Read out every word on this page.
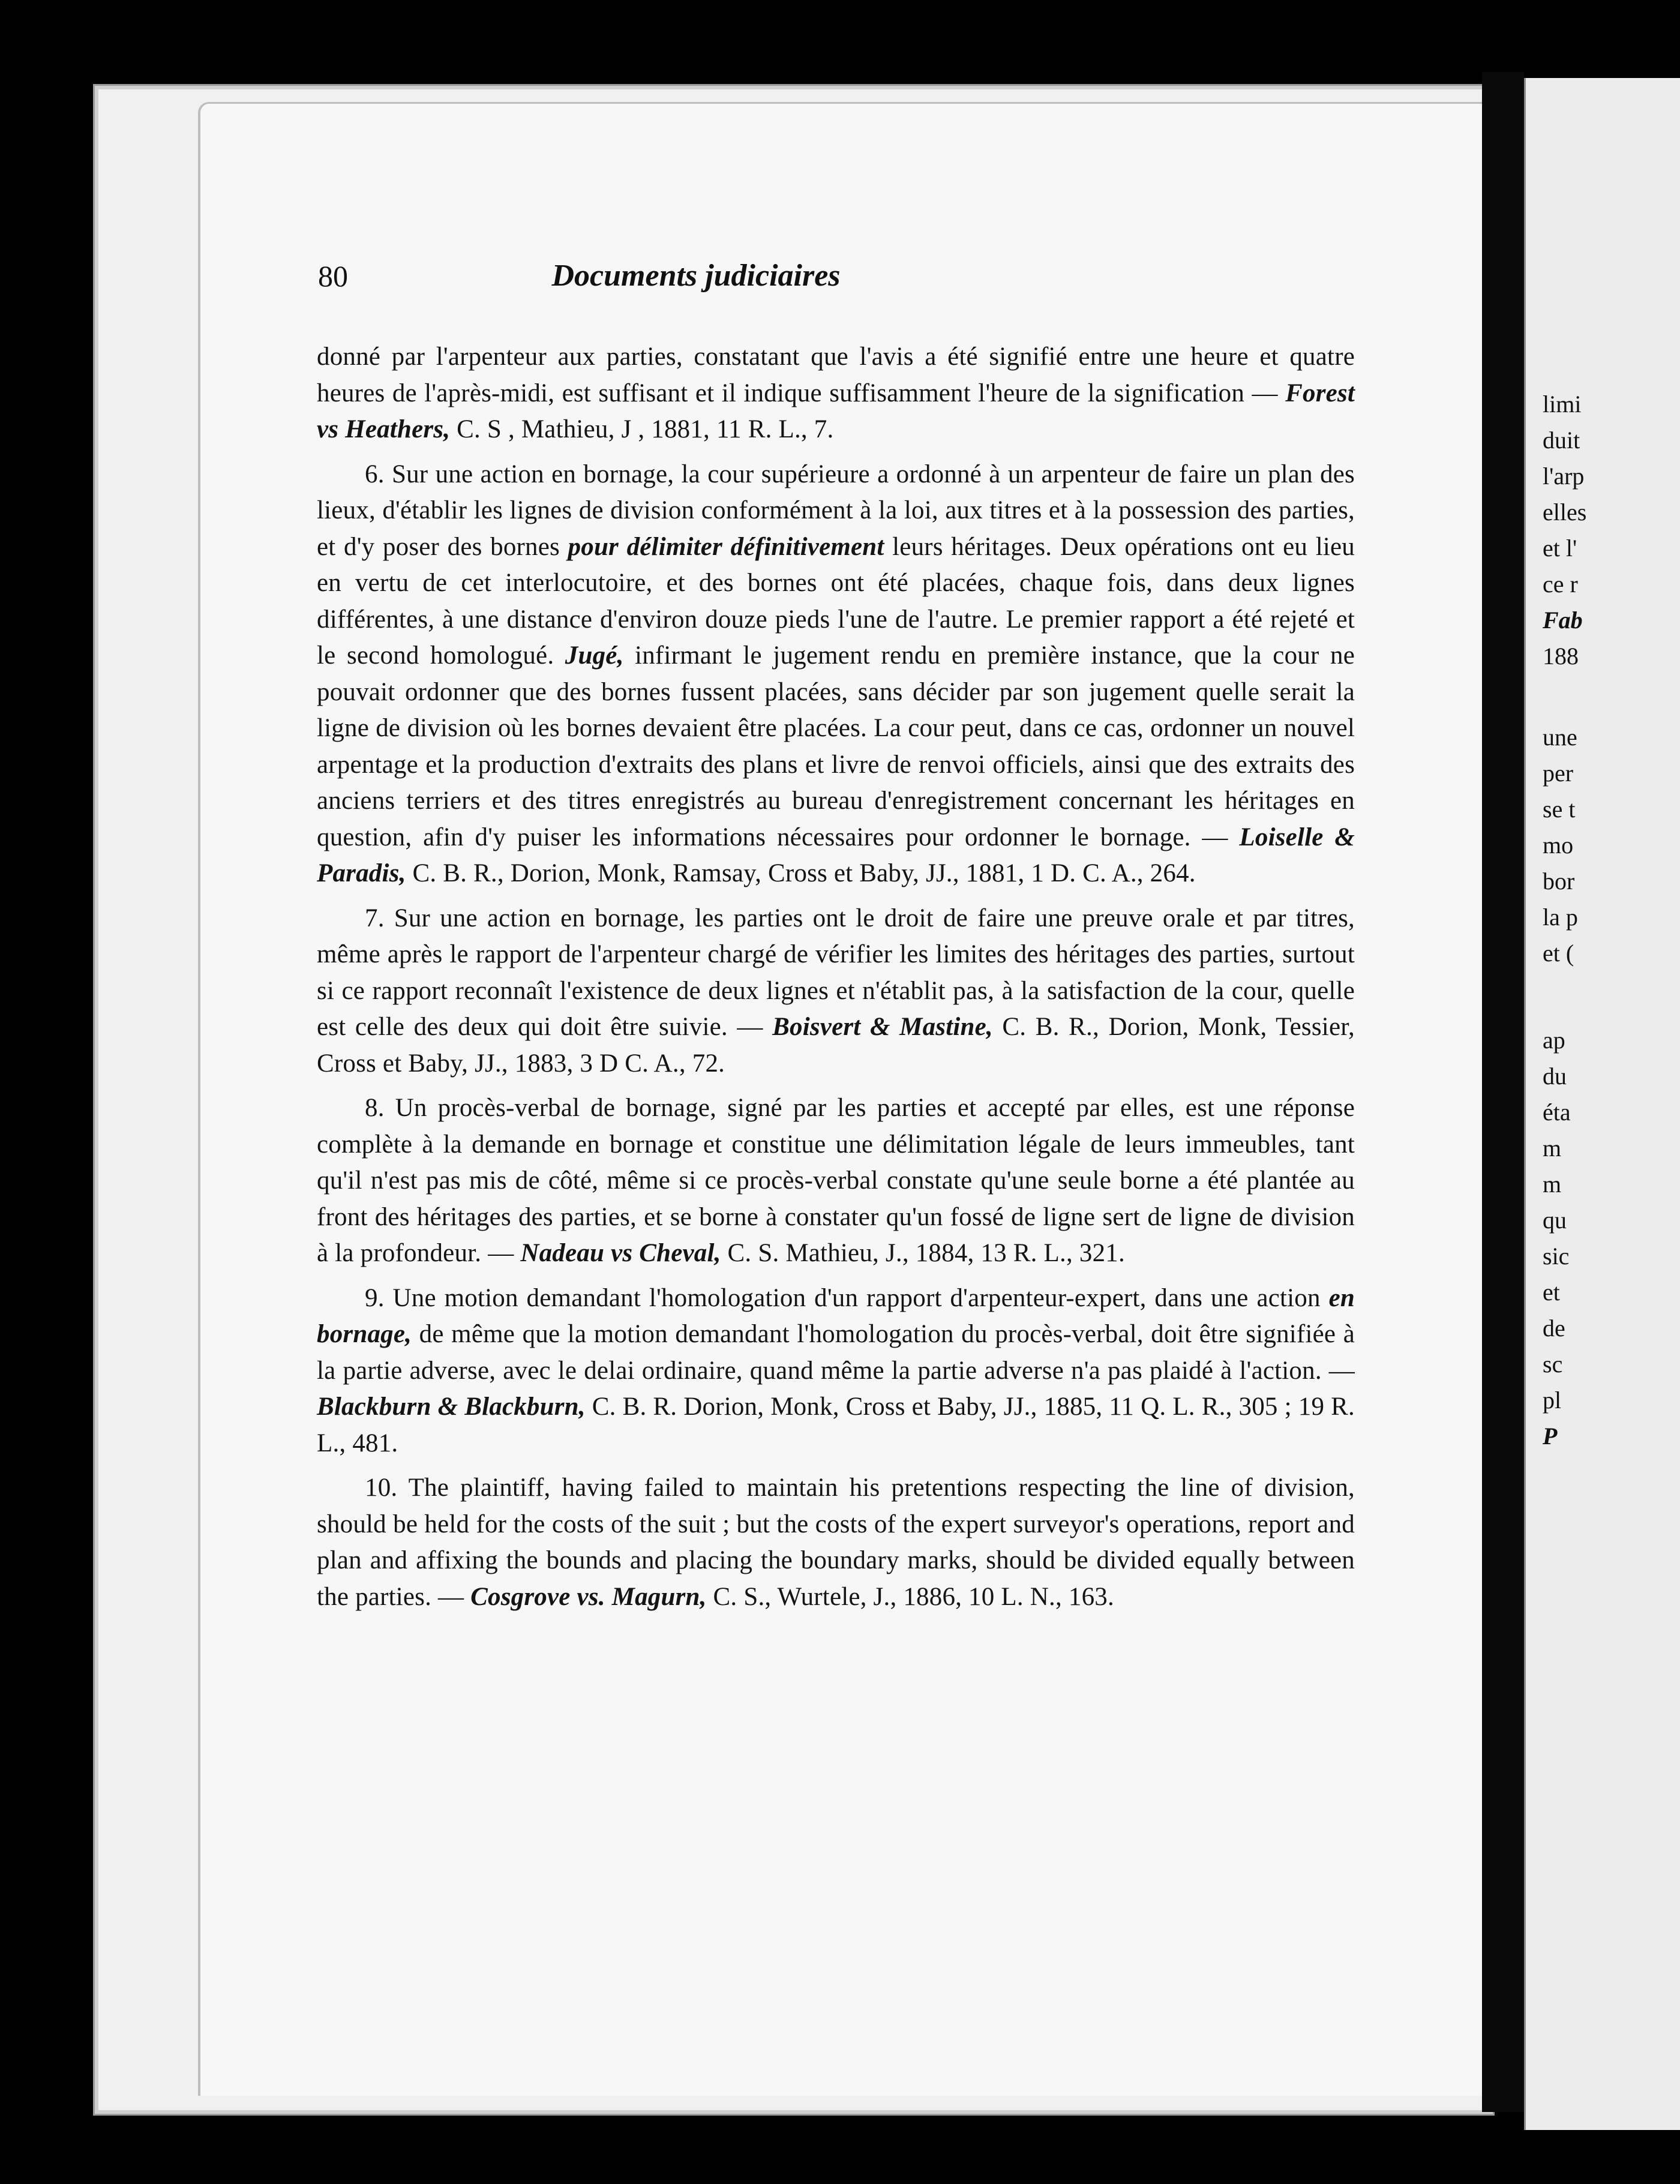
limi
duit
l'arp
elles
et l'
ce r
Fab
188
une
per
se t
mo
bor
la p
et (
ap
du
éta
m
m
qu
sic
et
de
sc
pl
P
80	Documents judiciaires

donné par l'arpenteur aux parties, constatant que l'avis a été signifié entre une heure et quatre heures de l'après-midi, est suffisant et il indique suffisamment l'heure de la signification — Forest vs Heathers, C. S , Mathieu, J , 1881, 11 R. L., 7.

6. Sur une action en bornage, la cour supérieure a ordonné à un arpenteur de faire un plan des lieux, d'établir les lignes de division conformément à la loi, aux titres et à la possession des parties, et d'y poser des bornes pour délimiter définitivement leurs héritages. Deux opérations ont eu lieu en vertu de cet interlocutoire, et des bornes ont été placées, chaque fois, dans deux lignes différentes, à une distance d'environ douze pieds l'une de l'autre. Le premier rapport a été rejeté et le second homologué. Jugé, infirmant le jugement rendu en première instance, que la cour ne pouvait ordonner que des bornes fussent placées, sans décider par son jugement quelle serait la ligne de division où les bornes devaient être placées. La cour peut, dans ce cas, ordonner un nouvel arpentage et la production d'extraits des plans et livre de renvoi officiels, ainsi que des extraits des anciens terriers et des titres enregistrés au bureau d'enregistrement concernant les héritages en question, afin d'y puiser les informations nécessaires pour ordonner le bornage. — Loiselle & Paradis, C. B. R., Dorion, Monk, Ramsay, Cross et Baby, JJ., 1881, 1 D. C. A., 264.

7. Sur une action en bornage, les parties ont le droit de faire une preuve orale et par titres, même après le rapport de l'arpenteur chargé de vérifier les limites des héritages des parties, surtout si ce rapport reconnaît l'existence de deux lignes et n'établit pas, à la satisfaction de la cour, quelle est celle des deux qui doit être suivie. — Boisvert & Mastine, C. B. R., Dorion, Monk, Tessier, Cross et Baby, JJ., 1883, 3 D C. A., 72.

8. Un procès-verbal de bornage, signé par les parties et accepté par elles, est une réponse complète à la demande en bornage et constitue une délimitation légale de leurs immeubles, tant qu'il n'est pas mis de côté, même si ce procès-verbal constate qu'une seule borne a été plantée au front des héritages des parties, et se borne à constater qu'un fossé de ligne sert de ligne de division à la profondeur. — Nadeau vs Cheval, C. S. Mathieu, J., 1884, 13 R. L., 321.

9. Une motion demandant l'homologation d'un rapport d'arpenteur-expert, dans une action en bornage, de même que la motion demandant l'homologation du procès-verbal, doit être signifiée à la partie adverse, avec le delai ordinaire, quand même la partie adverse n'a pas plaidé à l'action. — Blackburn & Blackburn, C. B. R. Dorion, Monk, Cross et Baby, JJ., 1885, 11 Q. L. R., 305 ; 19 R. L., 481.

10. The plaintiff, having failed to maintain his pretentions respecting the line of division, should be held for the costs of the suit ; but the costs of the expert surveyor's operations, report and plan and affixing the bounds and placing the boundary marks, should be divided equally between the parties. — Cosgrove vs. Magurn, C. S., Wurtele, J., 1886, 10 L. N., 163.
